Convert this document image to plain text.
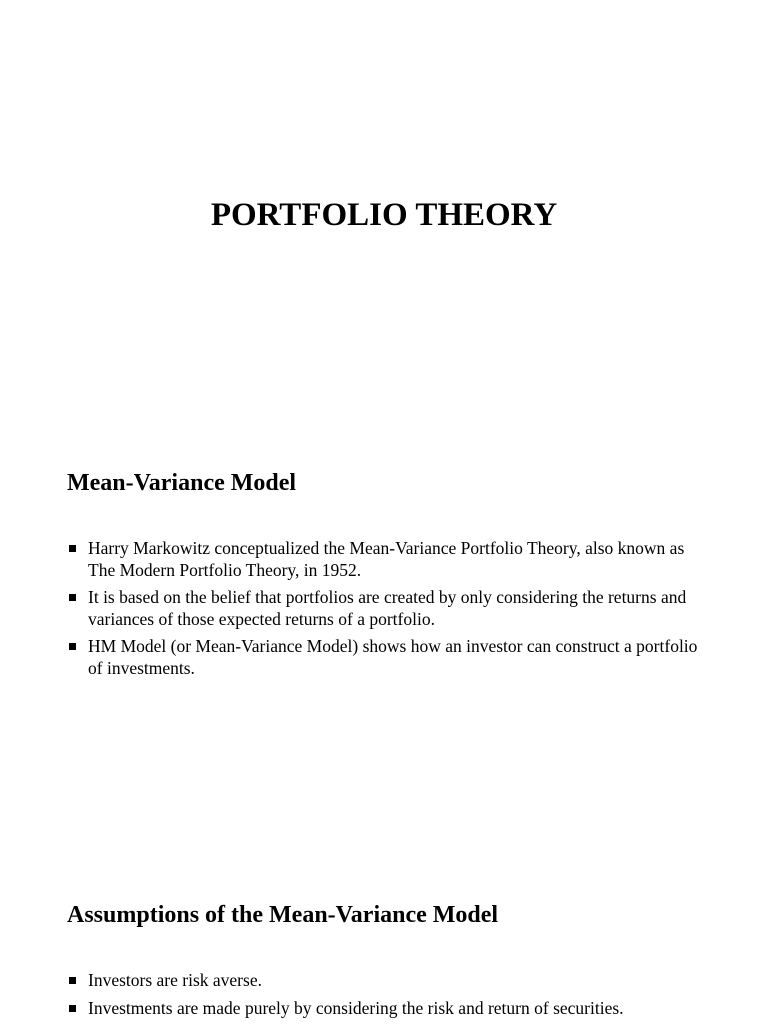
PORTFOLIO THEORY
Mean-Variance Model
Harry Markowitz conceptualized the Mean-Variance Portfolio Theory, also known as The Modern Portfolio Theory, in 1952.
It is based on the belief that portfolios are created by only considering the returns and variances of those expected returns of a portfolio.
HM Model (or Mean-Variance Model) shows how an investor can construct a portfolio of investments.
Assumptions of the Mean-Variance Model
Investors are risk averse.
Investments are made purely by considering the risk and return of securities.
